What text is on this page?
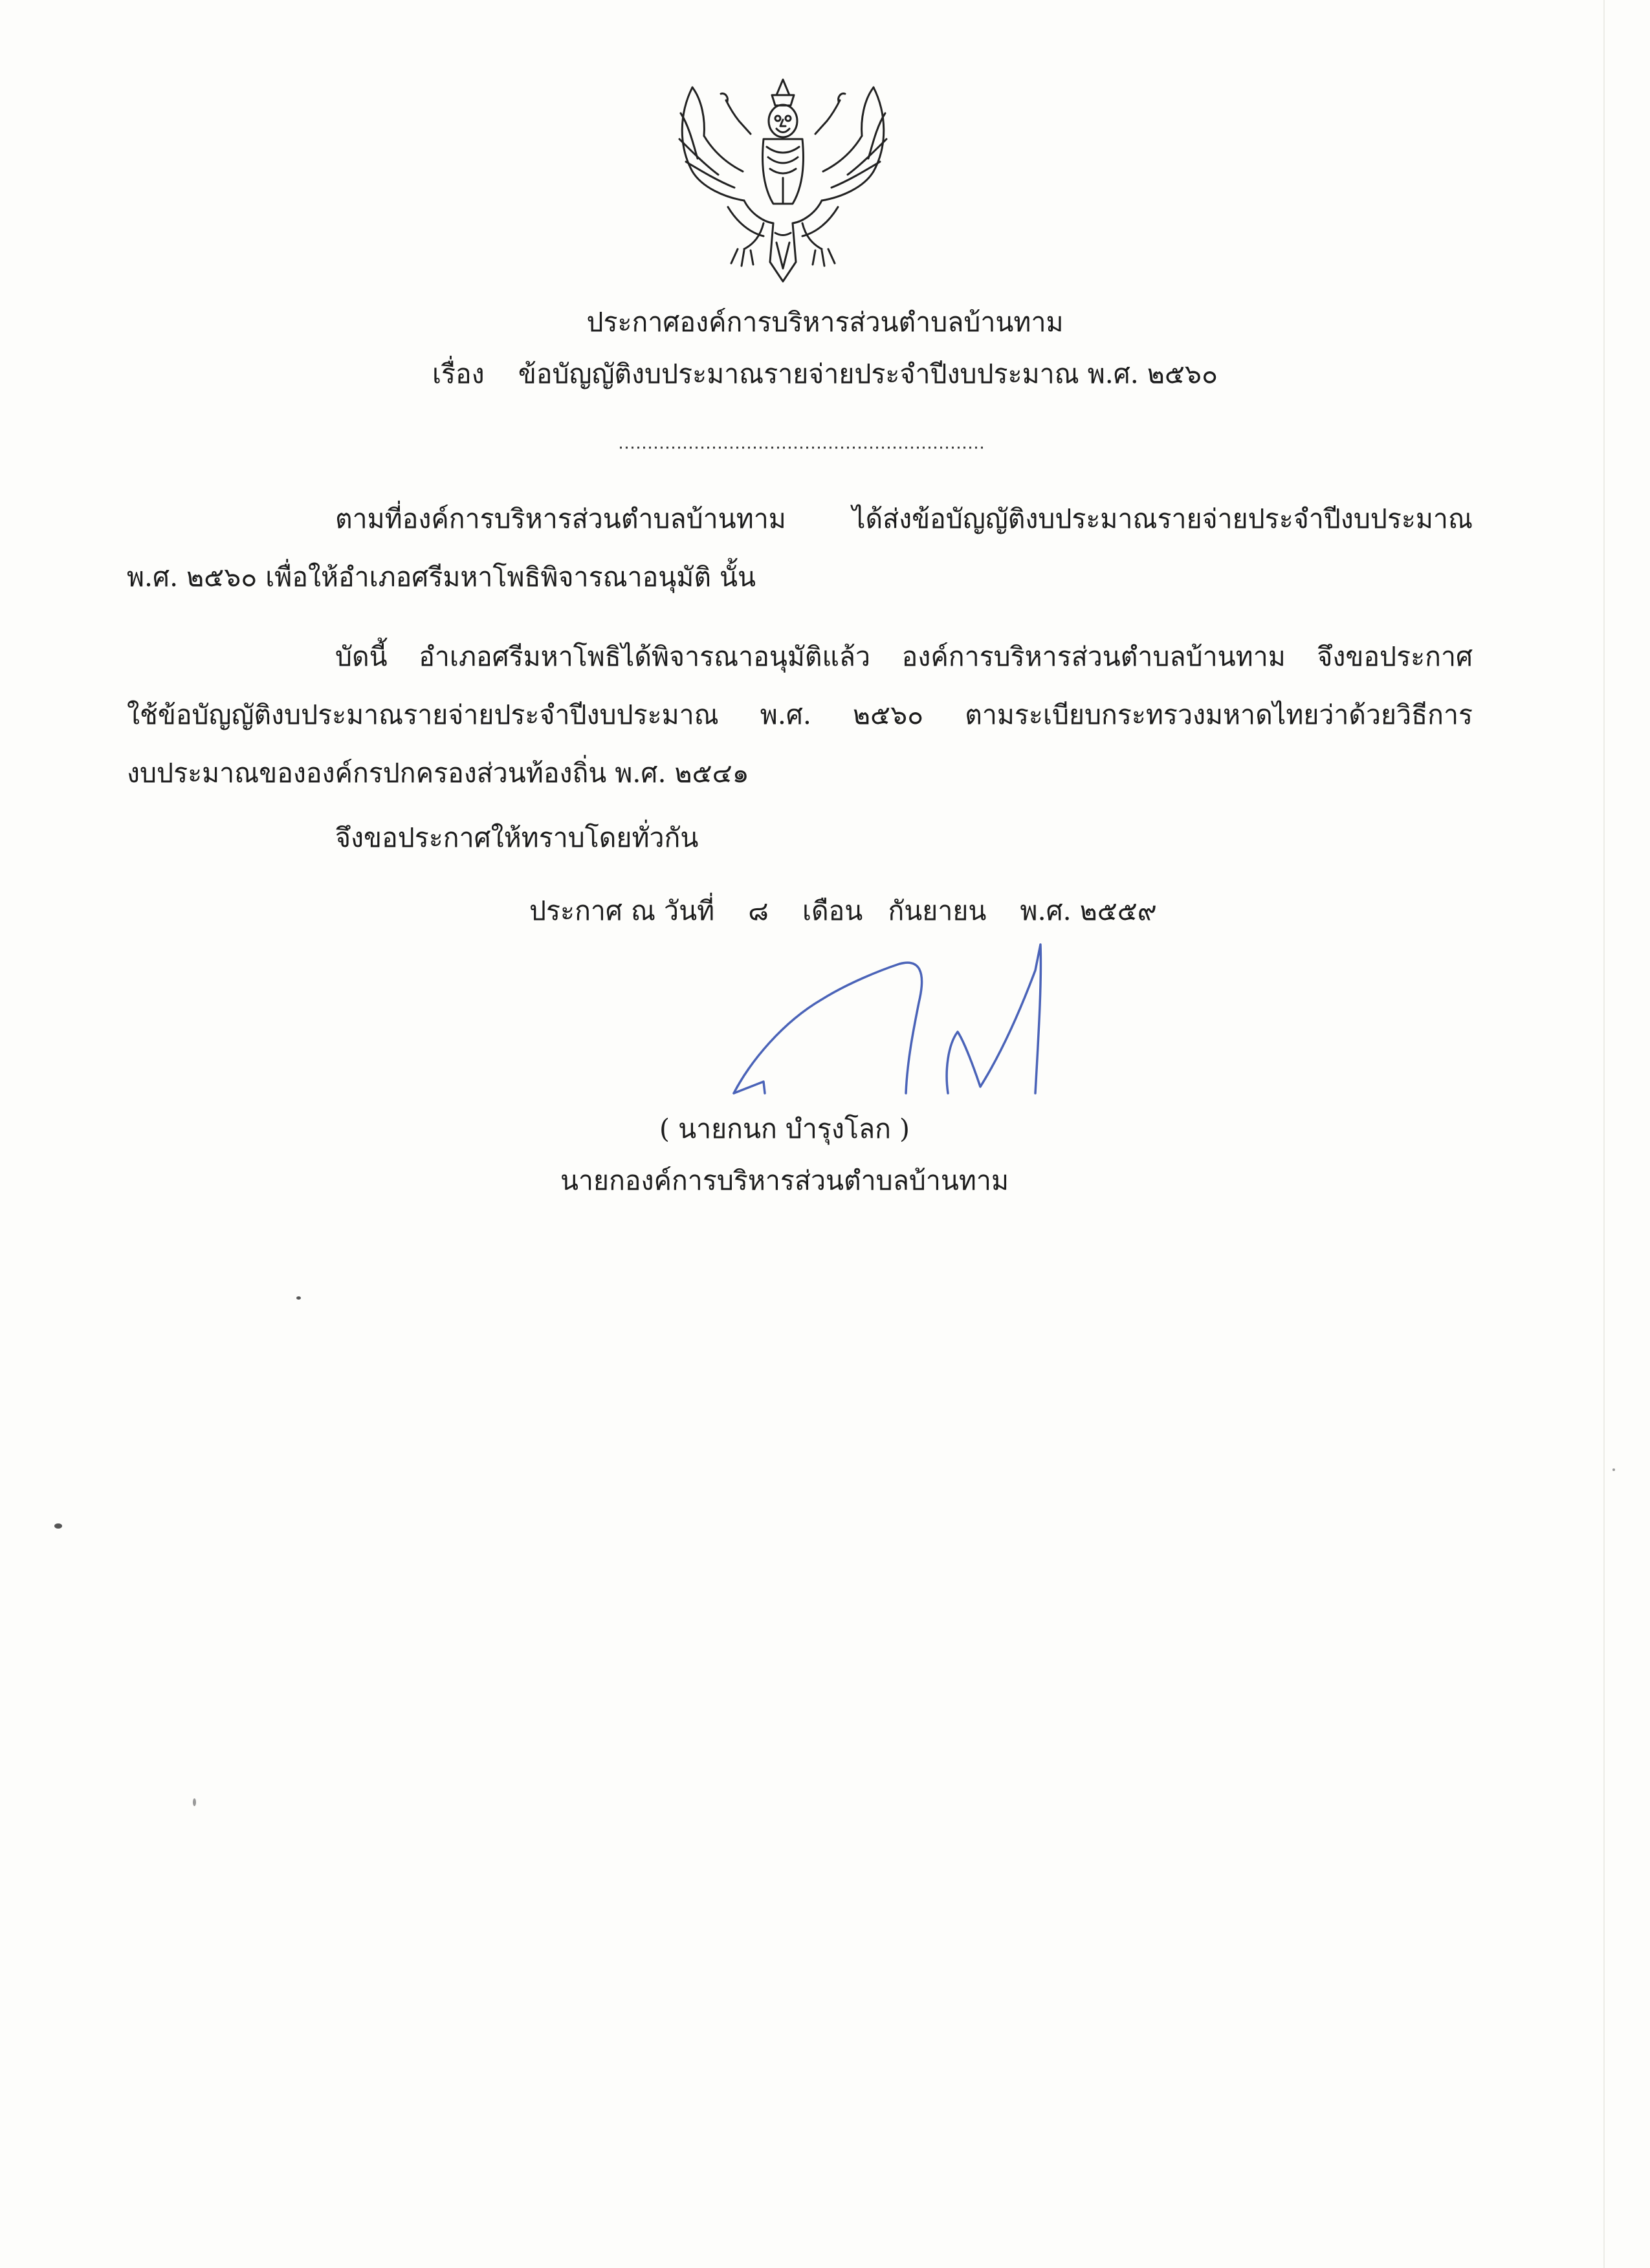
ประกาศองค์การบริหารส่วนตำบลบ้านทาม
เรื่อง ข้อบัญญัติงบประมาณรายจ่ายประจำปีงบประมาณ พ.ศ. ๒๕๖๐
ตามที่องค์การบริหารส่วนตำบลบ้านทาม ได้ส่งข้อบัญญัติงบประมาณรายจ่ายประจำปีงบประมาณ
พ.ศ. ๒๕๖๐ เพื่อให้อำเภอศรีมหาโพธิพิจารณาอนุมัติ นั้น
บัดนี้ อำเภอศรีมหาโพธิได้พิจารณาอนุมัติแล้ว องค์การบริหารส่วนตำบลบ้านทาม จึงขอประกาศ
ใช้ข้อบัญญัติงบประมาณรายจ่ายประจำปีงบประมาณ พ.ศ. ๒๕๖๐ ตามระเบียบกระทรวงมหาดไทยว่าด้วยวิธีการ
งบประมาณขององค์กรปกครองส่วนท้องถิ่น พ.ศ. ๒๕๔๑
จึงขอประกาศให้ทราบโดยทั่วกัน
ประกาศ ณ วันที่ ๘ เดือน กันยายน พ.ศ. ๒๕๕๙
( นายกนก บำรุงโลก )
นายกองค์การบริหารส่วนตำบลบ้านทาม
